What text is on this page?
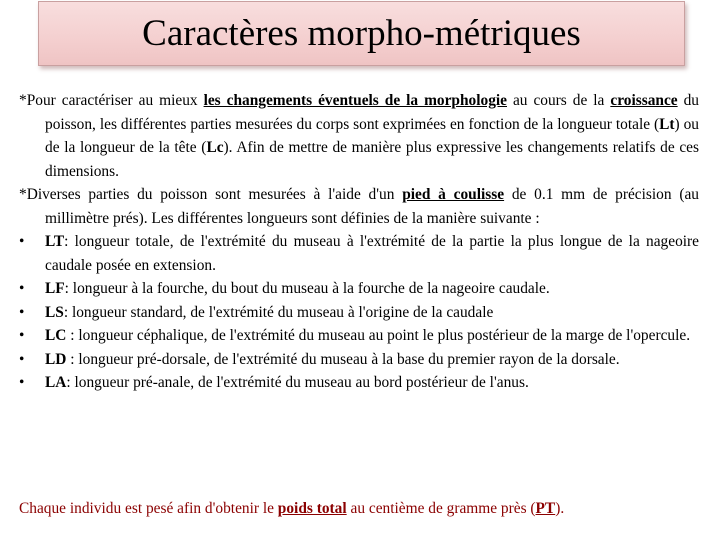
Caractères morpho-métriques

*Pour caractériser au mieux les changements éventuels de la morphologie au cours de la croissance du poisson, les différentes parties mesurées du corps sont exprimées en fonction de la longueur totale (Lt) ou de la longueur de la tête (Lc). Afin de mettre de manière plus expressive les changements relatifs de ces dimensions.

*Diverses parties du poisson sont mesurées à l'aide d'un pied à coulisse de 0.1 mm de précision (au millimètre prés). Les différentes longueurs sont définies de la manière suivante :

• LT: longueur totale, de l'extrémité du museau à l'extrémité de la partie la plus longue de la nageoire caudale posée en extension.

• LF: longueur à la fourche, du bout du museau à la fourche de la nageoire caudale.

• LS: longueur standard, de l'extrémité du museau à l'origine de la caudale

• LC : longueur céphalique, de l'extrémité du museau au point le plus postérieur de la marge de l'opercule.

• LD : longueur pré-dorsale, de l'extrémité du museau à la base du premier rayon de la dorsale.

• LA: longueur pré-anale, de l'extrémité du museau au bord postérieur de l'anus.

Chaque individu est pesé afin d'obtenir le poids total au centième de gramme près (PT).
